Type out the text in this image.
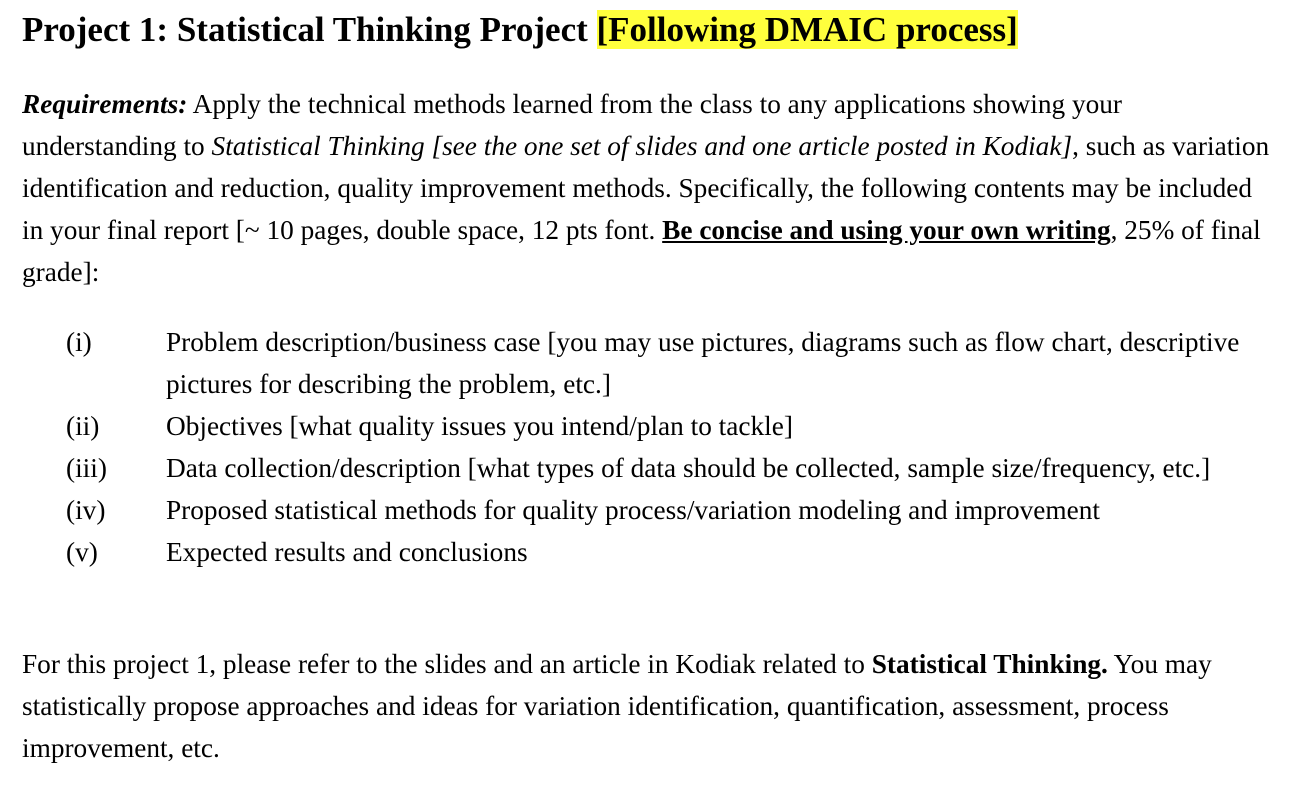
Project 1: Statistical Thinking Project [Following DMAIC process]
Requirements: Apply the technical methods learned from the class to any applications showing your understanding to Statistical Thinking [see the one set of slides and one article posted in Kodiak], such as variation identification and reduction, quality improvement methods. Specifically, the following contents may be included in your final report [~ 10 pages, double space, 12 pts font. Be concise and using your own writing, 25% of final grade]:
(i)	Problem description/business case [you may use pictures, diagrams such as flow chart, descriptive pictures for describing the problem, etc.]
(ii)	Objectives [what quality issues you intend/plan to tackle]
(iii)	Data collection/description [what types of data should be collected, sample size/frequency, etc.]
(iv)	Proposed statistical methods for quality process/variation modeling and improvement
(v)	Expected results and conclusions
For this project 1, please refer to the slides and an article in Kodiak related to Statistical Thinking. You may statistically propose approaches and ideas for variation identification, quantification, assessment, process improvement, etc.
